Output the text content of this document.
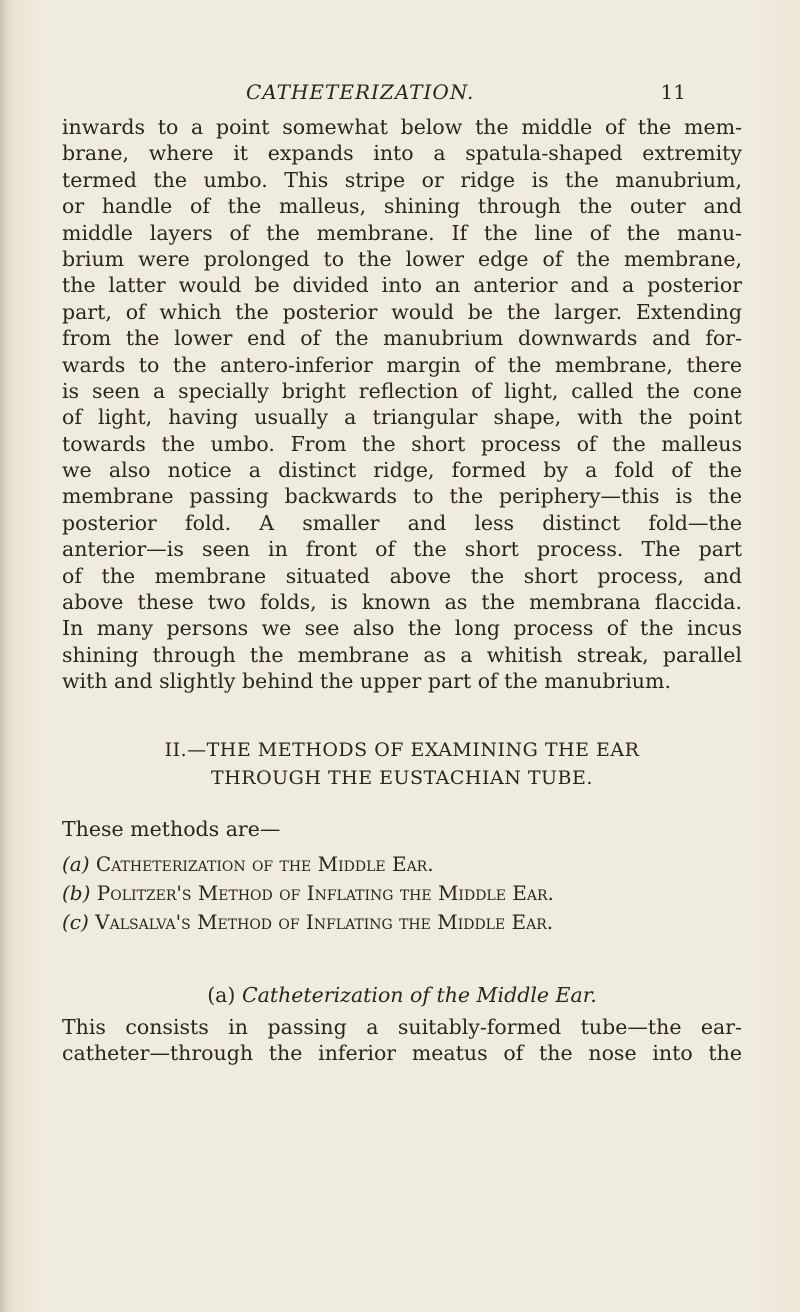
CATHETERIZATION.	11
inwards to a point somewhat below the middle of the mem-
brane, where it expands into a spatula-shaped extremity
termed the umbo. This stripe or ridge is the manubrium,
or handle of the malleus, shining through the outer and
middle layers of the membrane. If the line of the manu-
brium were prolonged to the lower edge of the membrane,
the latter would be divided into an anterior and a posterior
part, of which the posterior would be the larger. Extending
from the lower end of the manubrium downwards and for-
wards to the antero-inferior margin of the membrane, there
is seen a specially bright reflection of light, called the cone
of light, having usually a triangular shape, with the point
towards the umbo. From the short process of the malleus
we also notice a distinct ridge, formed by a fold of the
membrane passing backwards to the periphery—this is the
posterior fold. A smaller and less distinct fold—the
anterior—is seen in front of the short process. The part
of the membrane situated above the short process, and
above these two folds, is known as the membrana flaccida.
In many persons we see also the long process of the incus
shining through the membrane as a whitish streak, parallel
with and slightly behind the upper part of the manubrium.
II.—THE METHODS OF EXAMINING THE EAR
THROUGH THE EUSTACHIAN TUBE.
These methods are—
(a) Catheterization of the Middle Ear.
(b) Politzer's Method of Inflating the Middle Ear.
(c) Valsalva's Method of Inflating the Middle Ear.
(a) Catheterization of the Middle Ear.
This consists in passing a suitably-formed tube—the ear-
catheter—through the inferior meatus of the nose into the
